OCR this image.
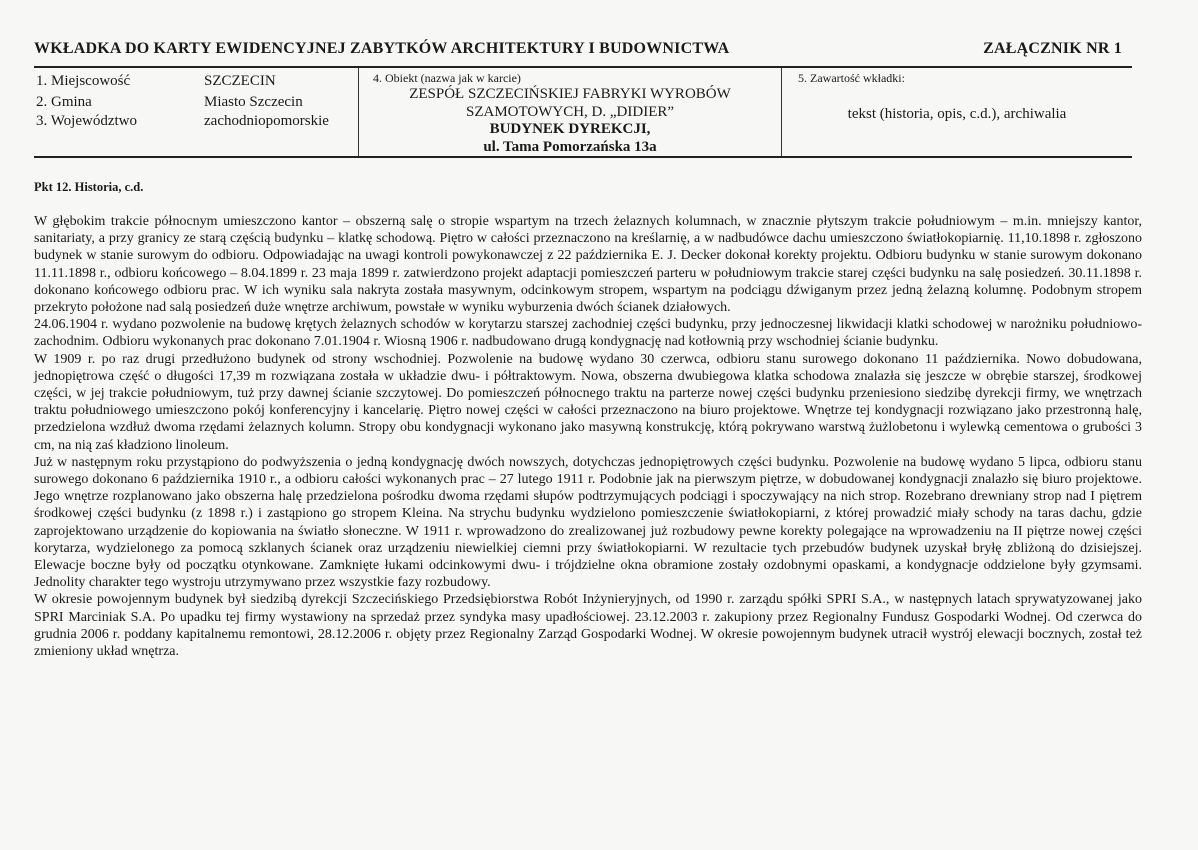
WKŁADKA DO KARTY EWIDENCYJNEJ ZABYTKÓW ARCHITEKTURY I BUDOWNICTWA	ZAŁĄCZNIK NR 1
1. Miejscowość	SZCZECIN
2. Gmina	Miasto Szczecin
3. Województwo	zachodniopomorskie
4. Obiekt (nazwa jak w karcie)
ZESPÓŁ SZCZECIŃSKIEJ FABRYKI WYROBÓW
SZAMOTOWYCH, D. „DIDIER”
BUDYNEK DYREKCJI,
ul. Tama Pomorzańska 13a
5. Zawartość wkładki:
tekst (historia, opis, c.d.), archiwalia
Pkt 12. Historia, c.d.

W głębokim trakcie północnym umieszczono kantor – obszerną salę o stropie wspartym na trzech żelaznych kolumnach, w znacznie płytszym trakcie południowym – m.in. mniejszy kantor, sanitariaty, a przy granicy ze starą częścią budynku – klatkę schodową. Piętro w całości przeznaczono na kreślarnię, a w nadbudówce dachu umieszczono światłokopiarnię. 11,10.1898 r. zgłoszono budynek w stanie surowym do odbioru. Odpowiadając na uwagi kontroli powykonawczej z 22 października E. J. Decker dokonał korekty projektu. Odbioru budynku w stanie surowym dokonano 11.11.1898 r., odbioru końcowego – 8.04.1899 r. 23 maja 1899 r. zatwierdzono projekt adaptacji pomieszczeń parteru w południowym trakcie starej części budynku na salę posiedzeń. 30.11.1898 r. dokonano końcowego odbioru prac. W ich wyniku sala nakryta została masywnym, odcinkowym stropem, wspartym na podciągu dźwiganym przez jedną żelazną kolumnę. Podobnym stropem przekryto położone nad salą posiedzeń duże wnętrze archiwum, powstałe w wyniku wyburzenia dwóch ścianek działowych.

24.06.1904 r. wydano pozwolenie na budowę krętych żelaznych schodów w korytarzu starszej zachodniej części budynku, przy jednoczesnej likwidacji klatki schodowej w narożniku południowo-zachodnim. Odbioru wykonanych prac dokonano 7.01.1904 r. Wiosną 1906 r. nadbudowano drugą kondygnację nad kotłownią przy wschodniej ścianie budynku.

W 1909 r. po raz drugi przedłużono budynek od strony wschodniej. Pozwolenie na budowę wydano 30 czerwca, odbioru stanu surowego dokonano 11 października. Nowo dobudowana, jednopiętrowa część o długości 17,39 m rozwiązana została w układzie dwu- i półtraktowym. Nowa, obszerna dwubiegowa klatka schodowa znalazła się jeszcze w obrębie starszej, środkowej części, w jej trakcie południowym, tuż przy dawnej ścianie szczytowej. Do pomieszczeń północnego traktu na parterze nowej części budynku przeniesiono siedzibę dyrekcji firmy, we wnętrzach traktu południowego umieszczono pokój konferencyjny i kancelarię. Piętro nowej części w całości przeznaczono na biuro projektowe. Wnętrze tej kondygnacji rozwiązano jako przestronną halę, przedzielona wzdłuż dwoma rzędami żelaznych kolumn. Stropy obu kondygnacji wykonano jako masywną konstrukcję, którą pokrywano warstwą żużlobetonu i wylewką cementowa o grubości 3 cm, na nią zaś kładziono linoleum.

Już w następnym roku przystąpiono do podwyższenia o jedną kondygnację dwóch nowszych, dotychczas jednopiętrowych części budynku. Pozwolenie na budowę wydano 5 lipca, odbioru stanu surowego dokonano 6 października 1910 r., a odbioru całości wykonanych prac – 27 lutego 1911 r. Podobnie jak na pierwszym piętrze, w dobudowanej kondygnacji znalazło się biuro projektowe. Jego wnętrze rozplanowano jako obszerna halę przedzielona pośrodku dwoma rzędami słupów podtrzymujących podciągi i spoczywający na nich strop. Rozebrano drewniany strop nad I piętrem środkowej części budynku (z 1898 r.) i zastąpiono go stropem Kleina. Na strychu budynku wydzielono pomieszczenie światłokopiarni, z której prowadzić miały schody na taras dachu, gdzie zaprojektowano urządzenie do kopiowania na światło słoneczne. W 1911 r. wprowadzono do zrealizowanej już rozbudowy pewne korekty polegające na wprowadzeniu na II piętrze nowej części korytarza, wydzielonego za pomocą szklanych ścianek oraz urządzeniu niewielkiej ciemni przy światłokopiarni. W rezultacie tych przebudów budynek uzyskał bryłę zbliżoną do dzisiejszej. Elewacje boczne były od początku otynkowane. Zamknięte łukami odcinkowymi dwu- i trójdzielne okna obramione zostały ozdobnymi opaskami, a kondygnacje oddzielone były gzymsami. Jednolity charakter tego wystroju utrzymywano przez wszystkie fazy rozbudowy.

W okresie powojennym budynek był siedzibą dyrekcji Szczecińskiego Przedsiębiorstwa Robót Inżynieryjnych, od 1990 r. zarządu spółki SPRI S.A., w następnych latach sprywatyzowanej jako SPRI Marciniak S.A. Po upadku tej firmy wystawiony na sprzedaż przez syndyka masy upadłościowej. 23.12.2003 r. zakupiony przez Regionalny Fundusz Gospodarki Wodnej. Od czerwca do grudnia 2006 r. poddany kapitalnemu remontowi, 28.12.2006 r. objęty przez Regionalny Zarząd Gospodarki Wodnej. W okresie powojennym budynek utracił wystrój elewacji bocznych, został też zmieniony układ wnętrza.
